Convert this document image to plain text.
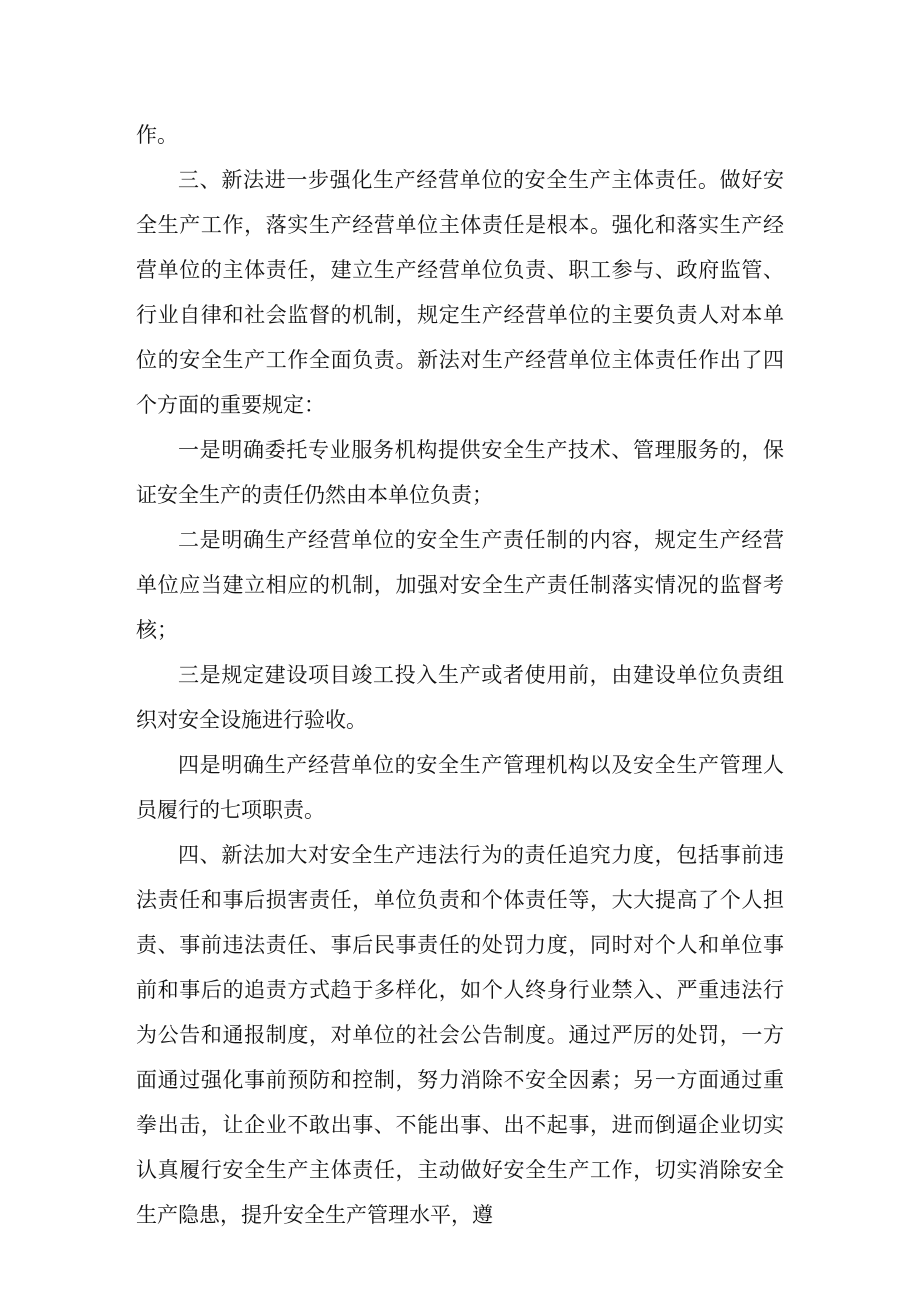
作。

三、新法进一步强化生产经营单位的安全生产主体责任。做好安全生产工作，落实生产经营单位主体责任是根本。强化和落实生产经营单位的主体责任，建立生产经营单位负责、职工参与、政府监管、行业自律和社会监督的机制，规定生产经营单位的主要负责人对本单位的安全生产工作全面负责。新法对生产经营单位主体责任作出了四个方面的重要规定：

一是明确委托专业服务机构提供安全生产技术、管理服务的，保证安全生产的责任仍然由本单位负责；

二是明确生产经营单位的安全生产责任制的内容，规定生产经营单位应当建立相应的机制，加强对安全生产责任制落实情况的监督考核；

三是规定建设项目竣工投入生产或者使用前，由建设单位负责组织对安全设施进行验收。

四是明确生产经营单位的安全生产管理机构以及安全生产管理人员履行的七项职责。

四、新法加大对安全生产违法行为的责任追究力度，包括事前违法责任和事后损害责任，单位负责和个体责任等，大大提高了个人担责、事前违法责任、事后民事责任的处罚力度，同时对个人和单位事前和事后的追责方式趋于多样化，如个人终身行业禁入、严重违法行为公告和通报制度，对单位的社会公告制度。通过严厉的处罚，一方面通过强化事前预防和控制，努力消除不安全因素；另一方面通过重拳出击，让企业不敢出事、不能出事、出不起事，进而倒逼企业切实认真履行安全生产主体责任，主动做好安全生产工作，切实消除安全生产隐患，提升安全生产管理水平，遵
